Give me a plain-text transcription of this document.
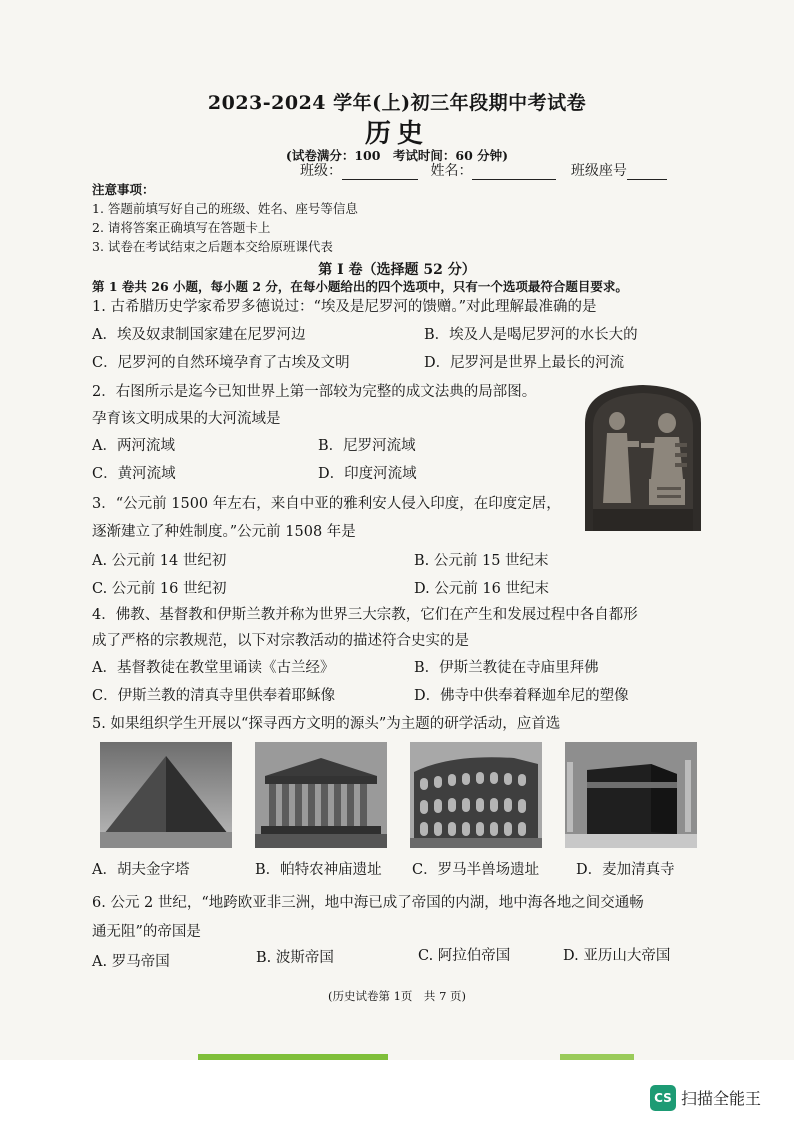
2023-2024 学年(上)初三年段期中考试卷
历史
(试卷满分：100　考试时间：60 分钟)
班级：	姓名：	班级座号
注意事项：
1. 答题前填写好自己的班级、姓名、座号等信息
2. 请将答案正确填写在答题卡上
3. 试卷在考试结束之后题本交给原班课代表
第 I 卷（选择题 52 分）
第 1 卷共 26 小题，每小题 2 分，在每小题给出的四个选项中，只有一个选项最符合题目要求。
1. 古希腊历史学家希罗多德说过：“埃及是尼罗河的馈赠。”对此理解最准确的是
A．埃及奴隶制国家建在尼罗河边	B．埃及人是喝尼罗河的水长大的
C．尼罗河的自然环境孕育了古埃及文明	D．尼罗河是世界上最长的河流
2．右图所示是迄今已知世界上第一部较为完整的成文法典的局部图。
孕育该文明成果的大河流域是
A．两河流域	B．尼罗河流域
C．黄河流域	D．印度河流域
3．“公元前 1500 年左右，来自中亚的雅利安人侵入印度，在印度定居，
逐渐建立了种姓制度。”公元前 1508 年是
A. 公元前 14 世纪初	B. 公元前 15 世纪末
C. 公元前 16 世纪初	D. 公元前 16 世纪末
4．佛教、基督教和伊斯兰教并称为世界三大宗教，它们在产生和发展过程中各自都形
成了严格的宗教规范，以下对宗教活动的描述符合史实的是
A．基督教徒在教堂里诵读《古兰经》	B．伊斯兰教徒在寺庙里拜佛
C．伊斯兰教的清真寺里供奉着耶稣像	D．佛寺中供奉着释迦牟尼的塑像
5. 如果组织学生开展以“探寻西方文明的源头”为主题的研学活动，应首选
A．胡夫金字塔	B．帕特农神庙遗址 C．罗马半兽场遗址	D．麦加清真寺
6. 公元 2 世纪，“地跨欧亚非三洲，地中海已成了帝国的内湖，地中海各地之间交通畅
通无阻”的帝国是
A. 罗马帝国	B. 波斯帝国	C. 阿拉伯帝国	D. 亚历山大帝国
(历史试卷第 1页　共 7 页)
CS 扫描全能王
